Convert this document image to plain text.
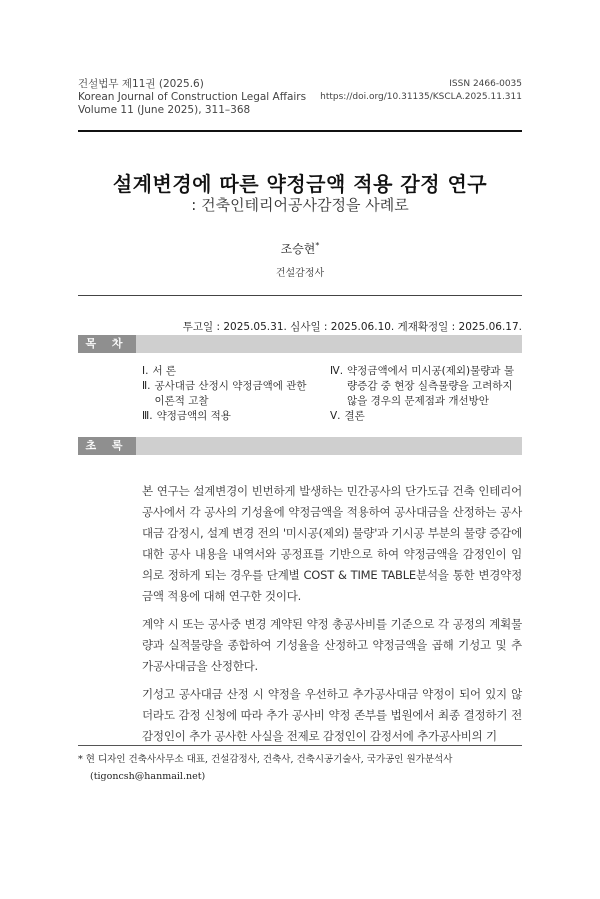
건설법무 제11권 (2025.6)
Korean Journal of Construction Legal Affairs
Volume 11 (June 2025), 311–368
ISSN 2466-0035
https://doi.org/10.31135/KSCLA.2025.11.311
설계변경에 따른 약정금액 적용 감정 연구
: 건축인테리어공사감정을 사례로
조승현*
건설감정사
투고일 : 2025.05.31. 심사일 : 2025.06.10. 게재확정일 : 2025.06.17.
목 차
Ⅰ. 서 론
Ⅱ. 공사대금 산정시 약정금액에 관한 이론적 고찰
Ⅲ. 약정금액의 적용
Ⅳ. 약정금액에서 미시공(제외)물량과 물량증감 중 현장 실측물량을 고려하지 않을 경우의 문제점과 개선방안
Ⅴ. 결론
초 록

본 연구는 설계변경이 빈번하게 발생하는 민간공사의 단가도급 건축 인테리어 공사에서 각 공사의 기성율에 약정금액을 적용하여 공사대금을 산정하는 공사대금 감정시, 설계 변경 전의 '미시공(제외) 물량'과 기시공 부분의 물량 증감에 대한 공사 내용을 내역서와 공정표를 기반으로 하여 약정금액을 감정인이 임의로 정하게 되는 경우를 단계별 COST & TIME TABLE분석을 통한 변경약정금액 적용에 대해 연구한 것이다.

계약 시 또는 공사중 변경 계약된 약정 총공사비를 기준으로 각 공정의 계획물량과 실적물량을 종합하여 기성율을 산정하고 약정금액을 곱해 기성고 및 추가공사대금을 산정한다.

기성고 공사대금 산정 시 약정을 우선하고 추가공사대금 약정이 되어 있지 않더라도 감정 신청에 따라 추가 공사비 약정 존부를 법원에서 최종 결정하기 전 감정인이 추가 공사한 사실을 전제로 감정인이 감정서에 추가공사비의 기

* 현 디자인 건축사사무소 대표, 건설감정사, 건축사, 건축시공기술사, 국가공인 원가분석사
(tigoncsh@hanmail.net)
